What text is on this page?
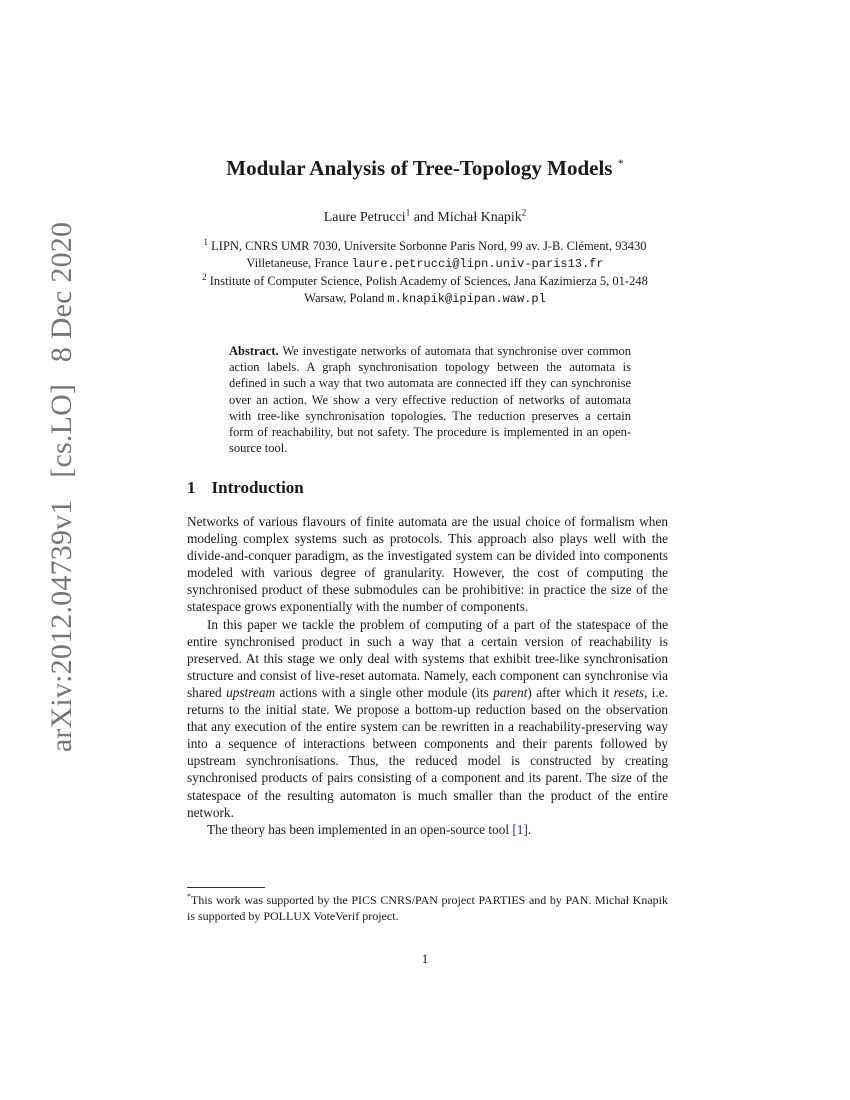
arXiv:2012.04739v1 [cs.LO] 8 Dec 2020
Modular Analysis of Tree-Topology Models *
Laure Petrucci$^1$ and Michał Knapik$^2$

$^1$ LIPN, CNRS UMR 7030, Universite Sorbonne Paris Nord, 99 av. J-B. Clément, 93430 Villetaneuse, France laure.petrucci@lipn.univ-paris13.fr

$^2$ Institute of Computer Science, Polish Academy of Sciences, Jana Kazimierza 5, 01-248 Warsaw, Poland m.knapik@ipipan.waw.pl

Abstract. We investigate networks of automata that synchronise over common action labels. A graph synchronisation topology between the automata is defined in such a way that two automata are connected iff they can synchronise over an action. We show a very effective reduction of networks of automata with tree-like synchronisation topologies. The reduction preserves a certain form of reachability, but not safety. The procedure is implemented in an open-source tool.
1 Introduction

Networks of various flavours of finite automata are the usual choice of formalism when modeling complex systems such as protocols. This approach also plays well with the divide-and-conquer paradigm, as the investigated system can be divided into components modeled with various degree of granularity. However, the cost of computing the synchronised product of these submodules can be prohibitive: in practice the size of the statespace grows exponentially with the number of components.

In this paper we tackle the problem of computing of a part of the statespace of the entire synchronised product in such a way that a certain version of reachability is preserved. At this stage we only deal with systems that exhibit tree-like synchronisation structure and consist of live-reset automata. Namely, each component can synchronise via shared upstream actions with a single other module (its parent) after which it resets, i.e. returns to the initial state. We propose a bottom-up reduction based on the observation that any execution of the entire system can be rewritten in a reachability-preserving way into a sequence of interactions between components and their parents followed by upstream synchronisations. Thus, the reduced model is constructed by creating synchronised products of pairs consisting of a component and its parent. The size of the statespace of the resulting automaton is much smaller than the product of the entire network.

The theory has been implemented in an open-source tool [1].

*This work was supported by the PICS CNRS/PAN project PARTIES and by PAN. Michał Knapik is supported by POLLUX VoteVerif project.
1
